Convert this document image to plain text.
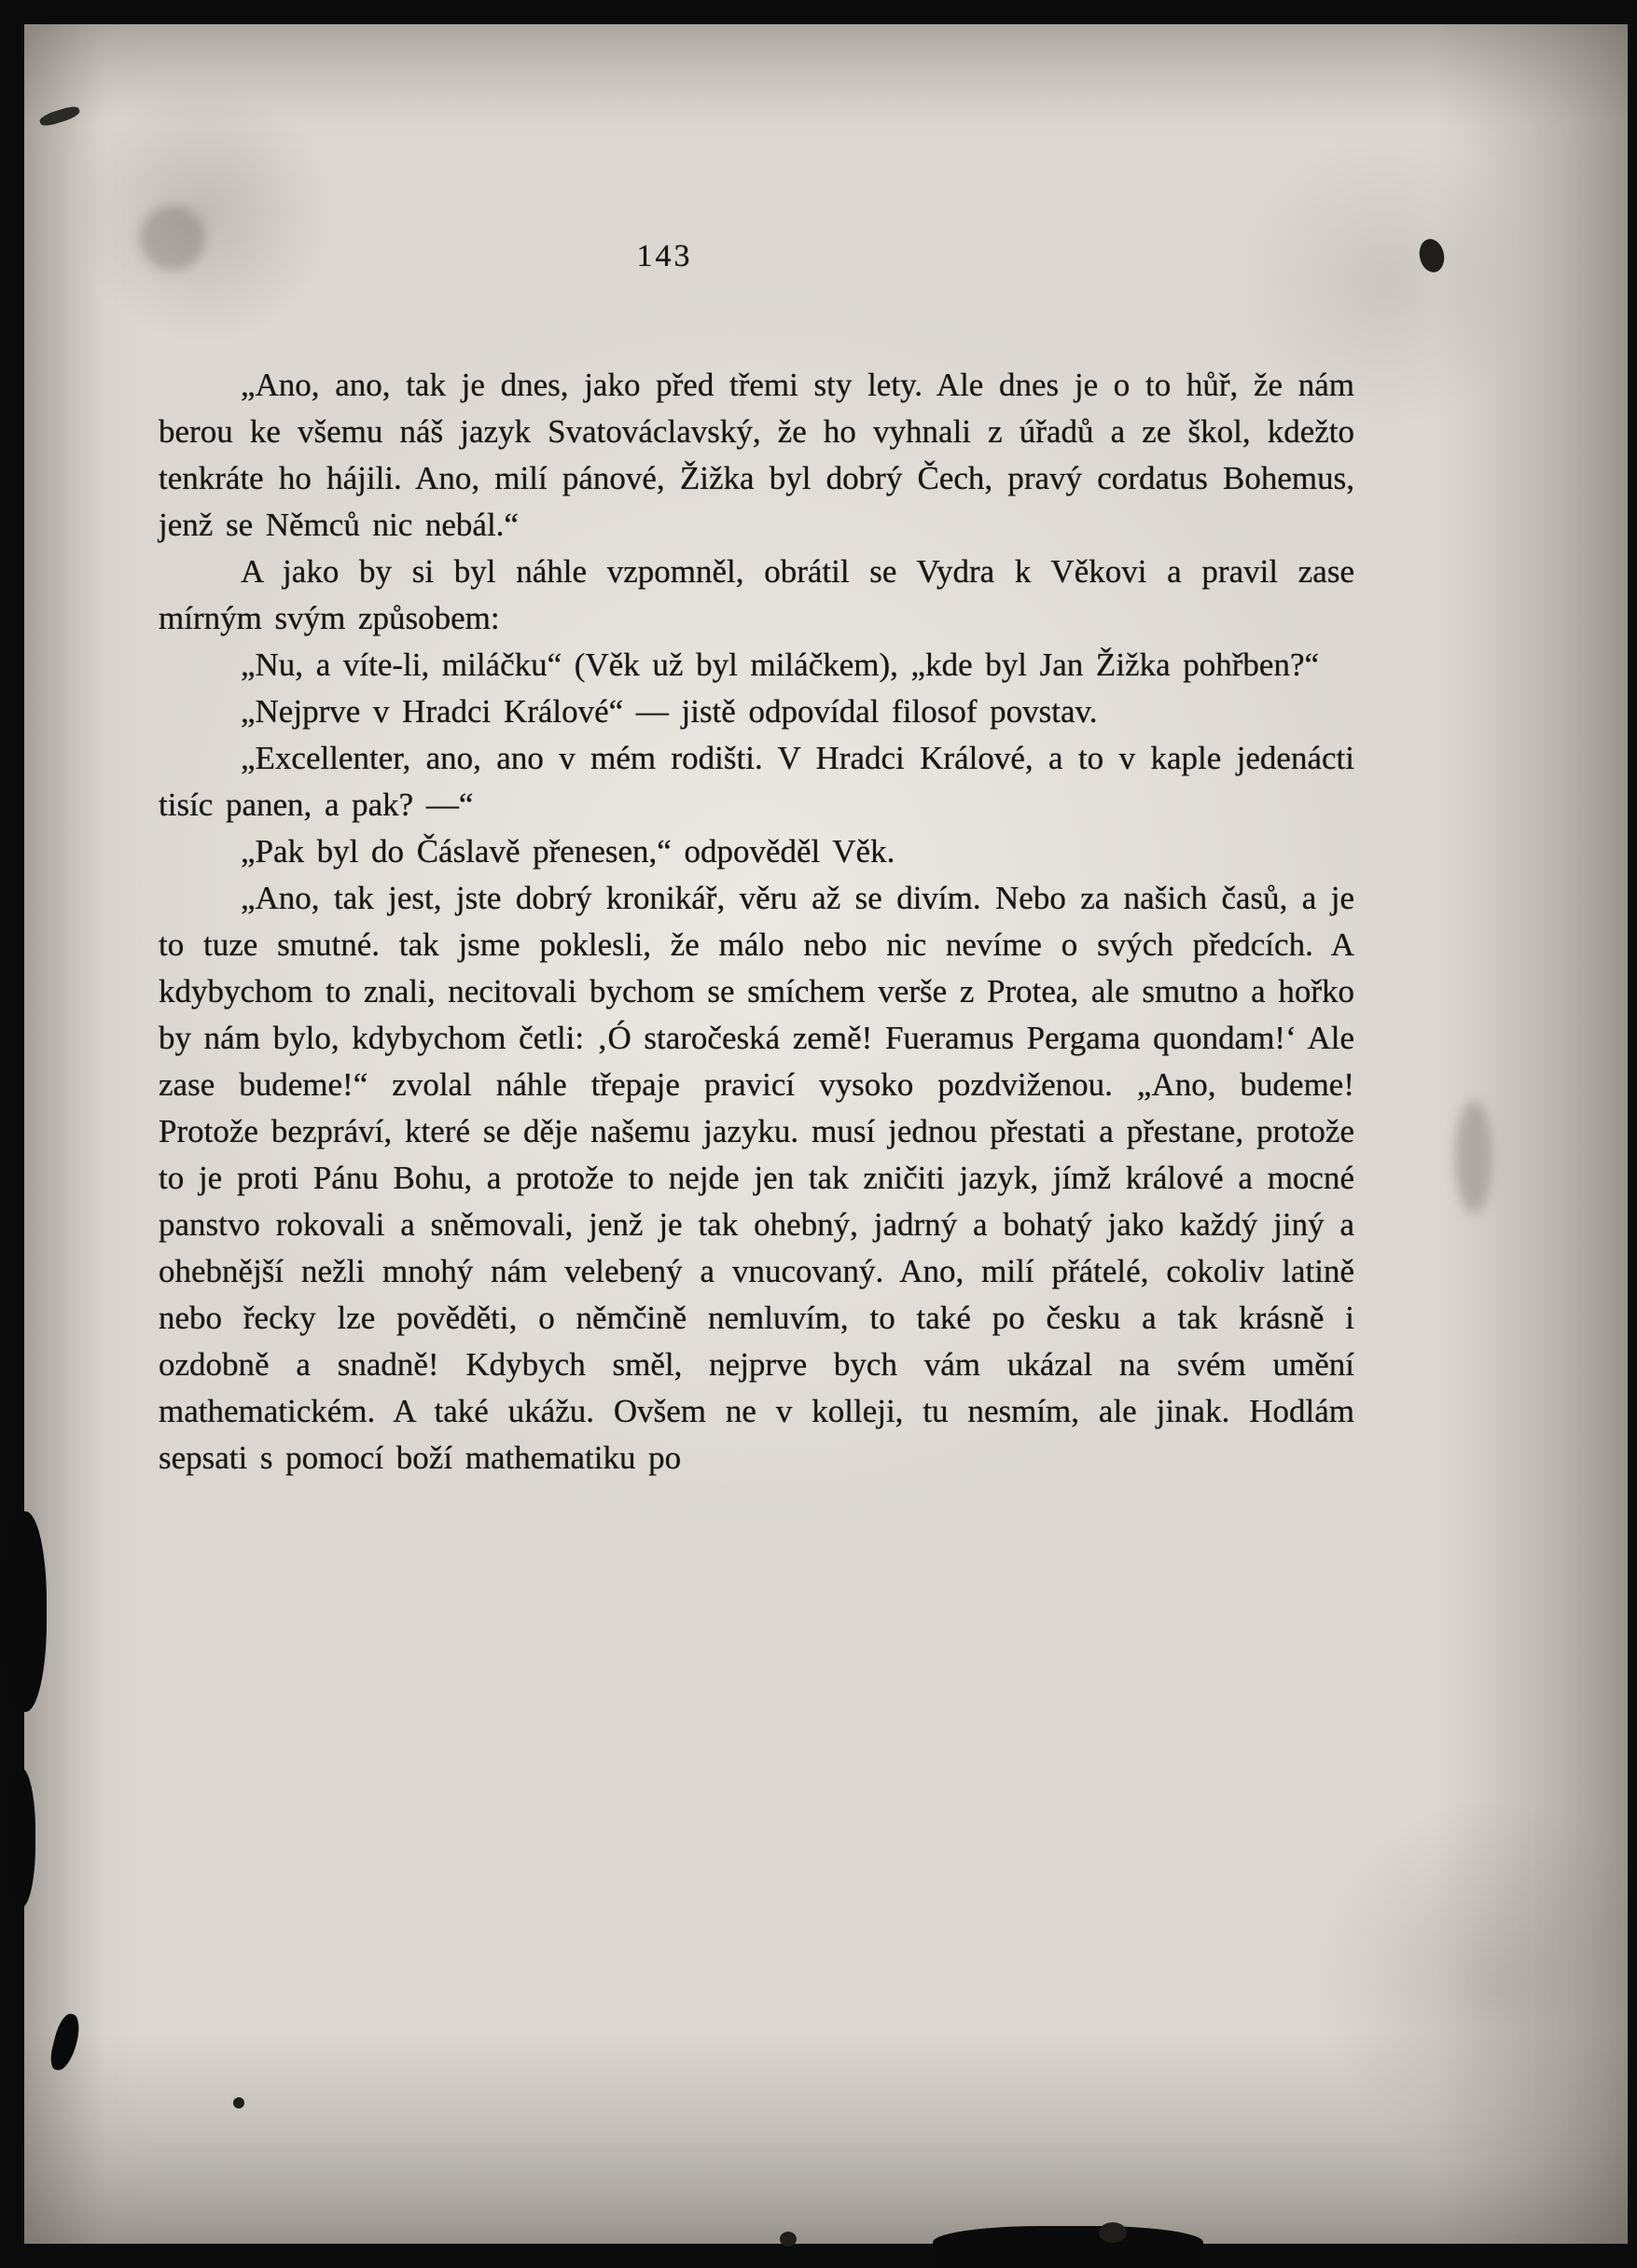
143

„Ano, ano, tak je dnes, jako před třemi sty lety. Ale dnes je o to hůř, že nám berou ke všemu náš jazyk Svatováclavský, že ho vyhnali z úřadů a ze škol, kdežto tenkráte ho hájili. Ano, milí pánové, Žižka byl dobrý Čech, pravý cordatus Bohemus, jenž se Němců nic nebál.“

A jako by si byl náhle vzpomněl, obrátil se Vydra k Věkovi a pravil zase mírným svým způsobem:

„Nu, a víte-li, miláčku“ (Věk už byl miláčkem), „kde byl Jan Žižka pohřben?“

„Nejprve v Hradci Králové“ — jistě odpovídal filosof povstav.

„Excellenter, ano, ano v mém rodišti. V Hradci Králové, a to v kaple jedenácti tisíc panen, a pak? —“

„Pak byl do Čáslavě přenesen,“ odpověděl Věk.

„Ano, tak jest, jste dobrý kronikář, věru až se divím. Nebo za našich časů, a je to tuze smutné. tak jsme poklesli, že málo nebo nic nevíme o svých předcích. A kdybychom to znali, necitovali bychom se smíchem verše z Protea, ale smutno a hořko by nám bylo, kdybychom četli: ‚Ó staročeská země! Fueramus Pergama quondam!‘ Ale zase budeme!“ zvolal náhle třepaje pravicí vysoko pozdviženou. „Ano, budeme! Protože bezpráví, které se děje našemu jazyku. musí jednou přestati a přestane, protože to je proti Pánu Bohu, a protože to nejde jen tak zničiti jazyk, jímž králové a mocné panstvo rokovali a sněmovali, jenž je tak ohebný, jadrný a bohatý jako každý jiný a ohebnější nežli mnohý nám velebený a vnucovaný. Ano, milí přátelé, cokoliv latině nebo řecky lze pověděti, o němčině nemluvím, to také po česku a tak krásně i ozdobně a snadně! Kdybych směl, nejprve bych vám ukázal na svém umění mathematickém. A také ukážu. Ovšem ne v kolleji, tu nesmím, ale jinak. Hodlám sepsati s pomocí boží mathematiku po
